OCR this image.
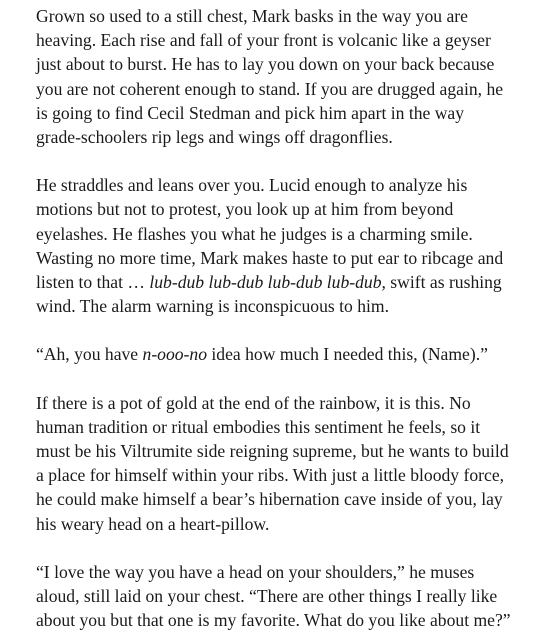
Grown so used to a still chest, Mark basks in the way you are heaving. Each rise and fall of your front is volcanic like a geyser just about to burst. He has to lay you down on your back because you are not coherent enough to stand. If you are drugged again, he is going to find Cecil Stedman and pick him apart in the way grade-schoolers rip legs and wings off dragonflies.

He straddles and leans over you. Lucid enough to analyze his motions but not to protest, you look up at him from beyond eyelashes. He flashes you what he judges is a charming smile. Wasting no more time, Mark makes haste to put ear to ribcage and listen to that … lub-dub lub-dub lub-dub lub-dub, swift as rushing wind. The alarm warning is inconspicuous to him.

“Ah, you have n-ooo-no idea how much I needed this, (Name).”

If there is a pot of gold at the end of the rainbow, it is this. No human tradition or ritual embodies this sentiment he feels, so it must be his Viltrumite side reigning supreme, but he wants to build a place for himself within your ribs. With just a little bloody force, he could make himself a bear’s hibernation cave inside of you, lay his weary head on a heart-pillow.

“I love the way you have a head on your shoulders,” he muses aloud, still laid on your chest. “There are other things I really like about you but that one is my favorite. What do you like about me?”
